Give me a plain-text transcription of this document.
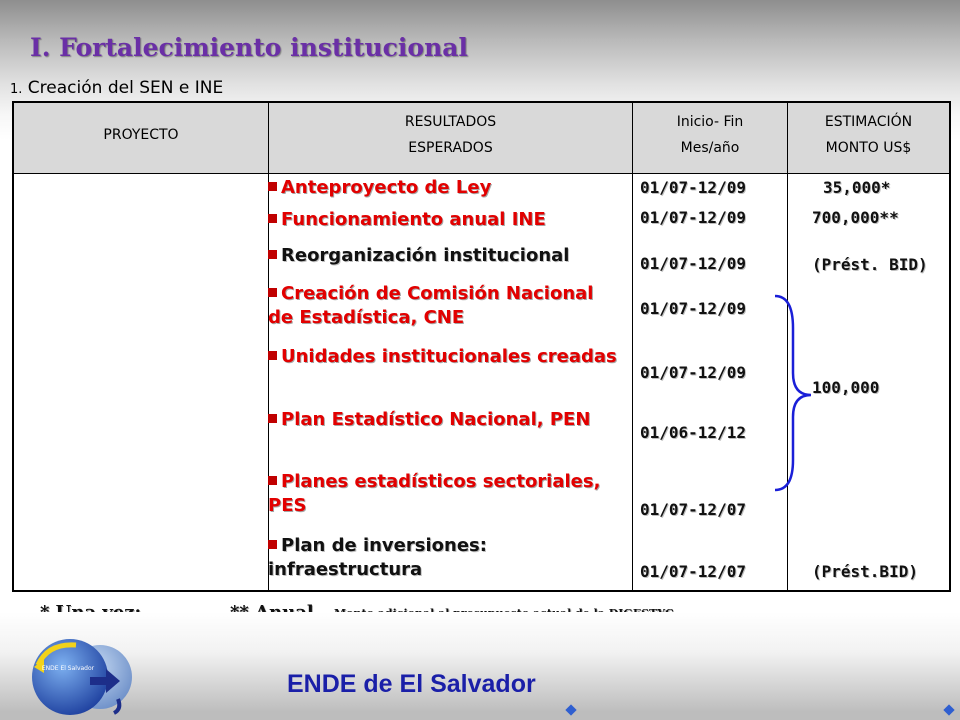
I. Fortalecimiento institucional
PROYECTO
RESULTADOS
ESPERADOS
Inicio- Fin
Mes/año
ESTIMACIÓN
MONTO US$
1. Creación del SEN e INE
Anteproyecto de Ley
Funcionamiento anual INE
Reorganización institucional
Creación de Comisión Nacional de Estadística, CNE
Unidades institucionales creadas
Plan Estadístico Nacional, PEN
Planes estadísticos sectoriales, PES
Plan de inversiones: infraestructura
01/07-12/09
01/07-12/09
01/07-12/09
01/07-12/09
01/07-12/09
01/06-12/12
01/07-12/07
01/07-12/07
35,000*
700,000**
(Prést. BID)
100,000
(Prést.BID)
ENDE El Salvador
ENDE de El Salvador
